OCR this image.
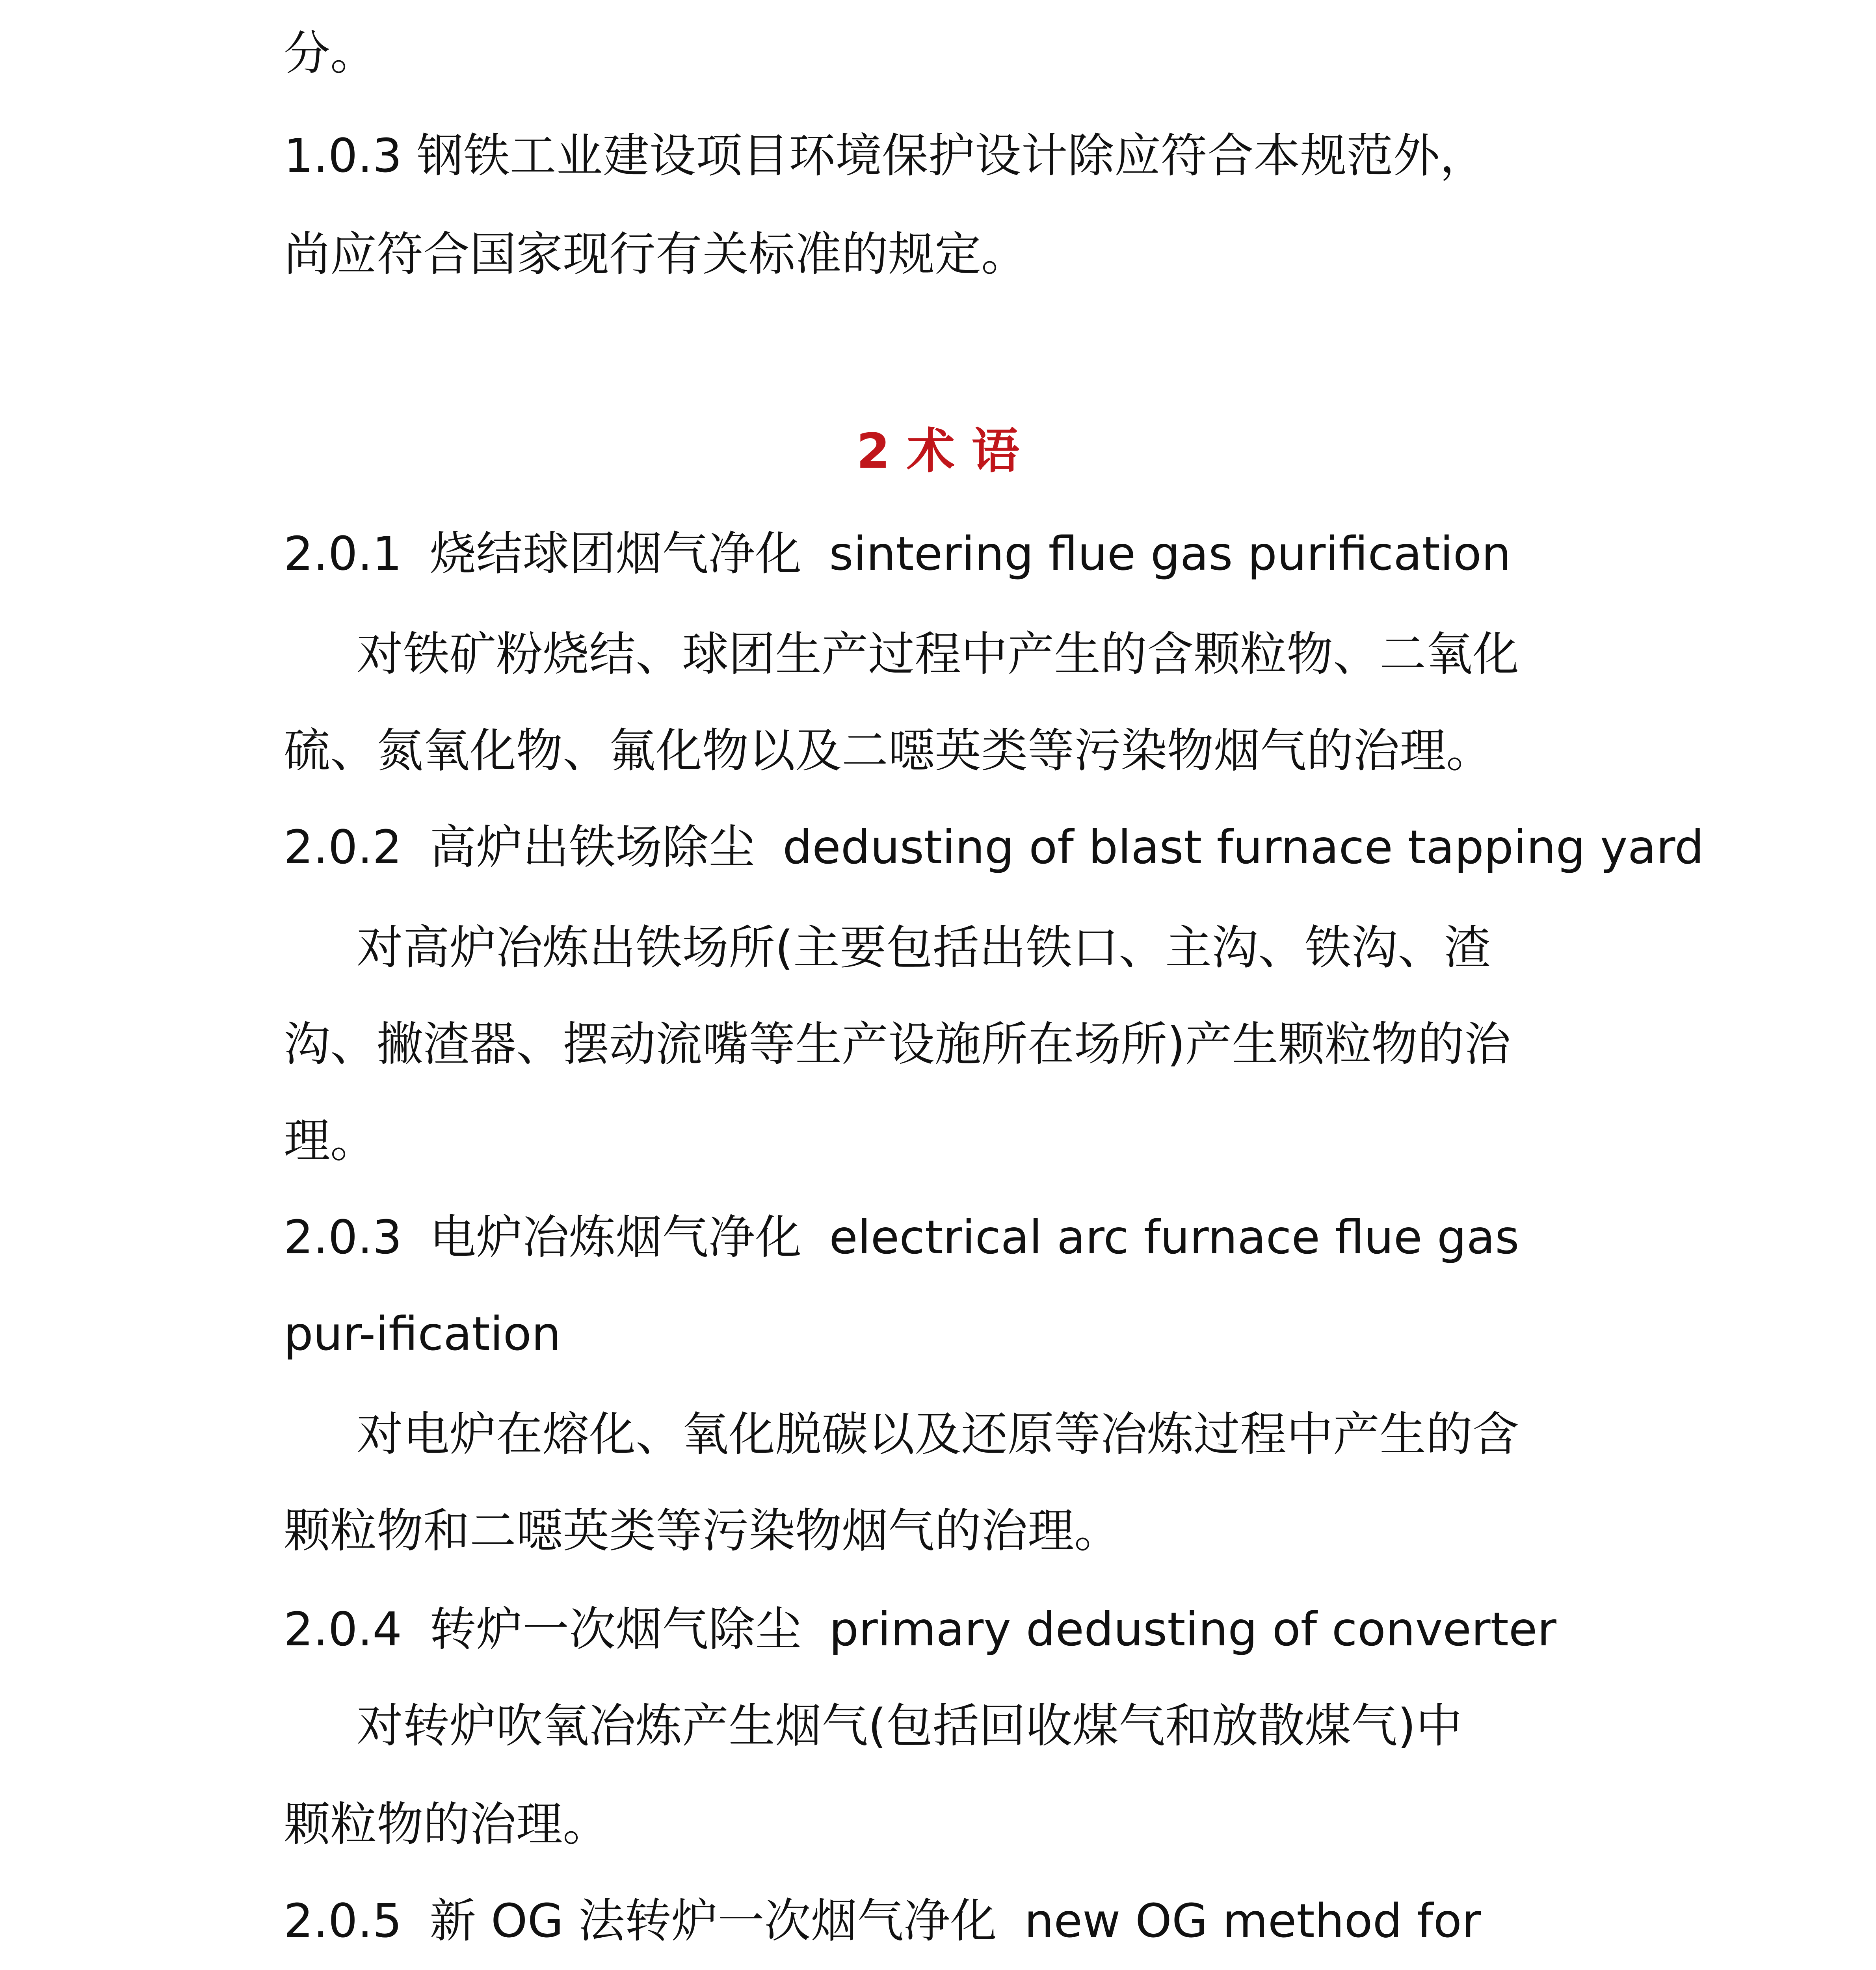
分。
1.0.3 钢铁工业建设项目环境保护设计除应符合本规范外，
尚应符合国家现行有关标准的规定。
2 术 语
2.0.1 烧结球团烟气净化 sintering flue gas purification
对铁矿粉烧结、球团生产过程中产生的含颗粒物、二氧化
硫、氮氧化物、氟化物以及二噁英类等污染物烟气的治理。
2.0.2 高炉出铁场除尘 dedusting of blast furnace tapping yard
对高炉冶炼出铁场所(主要包括出铁口、主沟、铁沟、渣
沟、撇渣器、摆动流嘴等生产设施所在场所)产生颗粒物的治
理。
2.0.3 电炉冶炼烟气净化 electrical arc furnace flue gas
pur-ification
对电炉在熔化、氧化脱碳以及还原等冶炼过程中产生的含
颗粒物和二噁英类等污染物烟气的治理。
2.0.4 转炉一次烟气除尘 primary dedusting of converter
对转炉吹氧冶炼产生烟气(包括回收煤气和放散煤气)中
颗粒物的治理。
2.0.5 新 OG 法转炉一次烟气净化 new OG method for
